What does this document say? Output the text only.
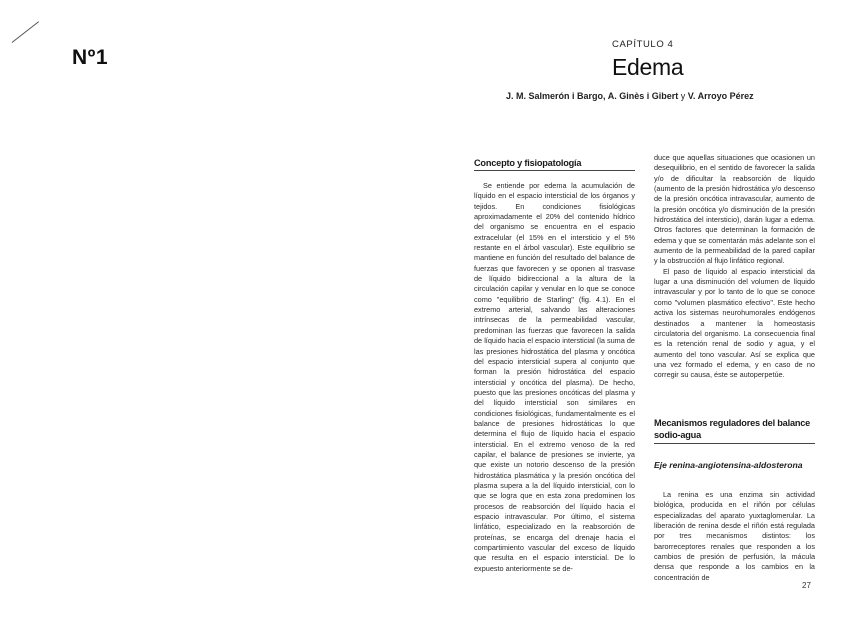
Nº1
CAPÍTULO 4
Edema
J. M. Salmerón i Bargo, A. Ginès i Gibert y V. Arroyo Pérez
Concepto y fisiopatología

Se entiende por edema la acumulación de líquido en el espacio intersticial de los órganos y tejidos. En condiciones fisiológicas aproximadamente el 20% del contenido hídrico del organismo se encuentra en el espacio extracelular (el 15% en el intersticio y el 5% restante en el árbol vascular). Este equilibrio se mantiene en función del resultado del balance de fuerzas que favorecen y se oponen al trasvase de líquido bidireccional a la altura de la circulación capilar y venular en lo que se conoce como "equilibrio de Starling" (fig. 4.1). En el extremo arterial, salvando las alteraciones intrínsecas de la permeabilidad vascular, predominan las fuerzas que favorecen la salida de líquido hacia el espacio intersticial (la suma de las presiones hidrostática del plasma y oncótica del espacio intersticial supera al conjunto que forman la presión hidrostática del espacio intersticial y oncótica del plasma). De hecho, puesto que las presiones oncóticas del plasma y del líquido intersticial son similares en condiciones fisiológicas, fundamentalmente es el balance de presiones hidrostáticas lo que determina el flujo de líquido hacia el espacio intersticial. En el extremo venoso de la red capilar, el balance de presiones se invierte, ya que existe un notorio descenso de la presión hidrostática plasmática y la presión oncótica del plasma supera a la del líquido intersticial, con lo que se logra que en esta zona predominen los procesos de reabsorción del líquido hacia el espacio intravascular. Por último, el sistema linfático, especializado en la reabsorción de proteínas, se encarga del drenaje hacia el compartimiento vascular del exceso de líquido que resulta en el espacio intersticial. De lo expuesto anteriormente se de-

duce que aquellas situaciones que ocasionen un desequilibrio, en el sentido de favorecer la salida y/o de dificultar la reabsorción de líquido (aumento de la presión hidrostática y/o descenso de la presión oncótica intravascular, aumento de la presión oncótica y/o disminución de la presión hidrostática del intersticio), darán lugar a edema. Otros factores que determinan la formación de edema y que se comentarán más adelante son el aumento de la permeabilidad de la pared capilar y la obstrucción al flujo linfático regional.

El paso de líquido al espacio intersticial da lugar a una disminución del volumen de líquido intravascular y por lo tanto de lo que se conoce como "volumen plasmático efectivo". Este hecho activa los sistemas neurohumorales endógenos destinados a mantener la homeostasis circulatoria del organismo. La consecuencia final es la retención renal de sodio y agua, y el aumento del tono vascular. Así se explica que una vez formado el edema, y en caso de no corregir su causa, éste se autoperpetúe.

Mecanismos reguladores del balance sodio-agua
Eje renina-angiotensina-aldosterona

La renina es una enzima sin actividad biológica, producida en el riñón por células especializadas del aparato yuxtaglomerular. La liberación de renina desde el riñón está regulada por tres mecanismos distintos: los barorreceptores renales que responden a los cambios de presión de perfusión, la mácula densa que responde a los cambios en la concentración de

27
